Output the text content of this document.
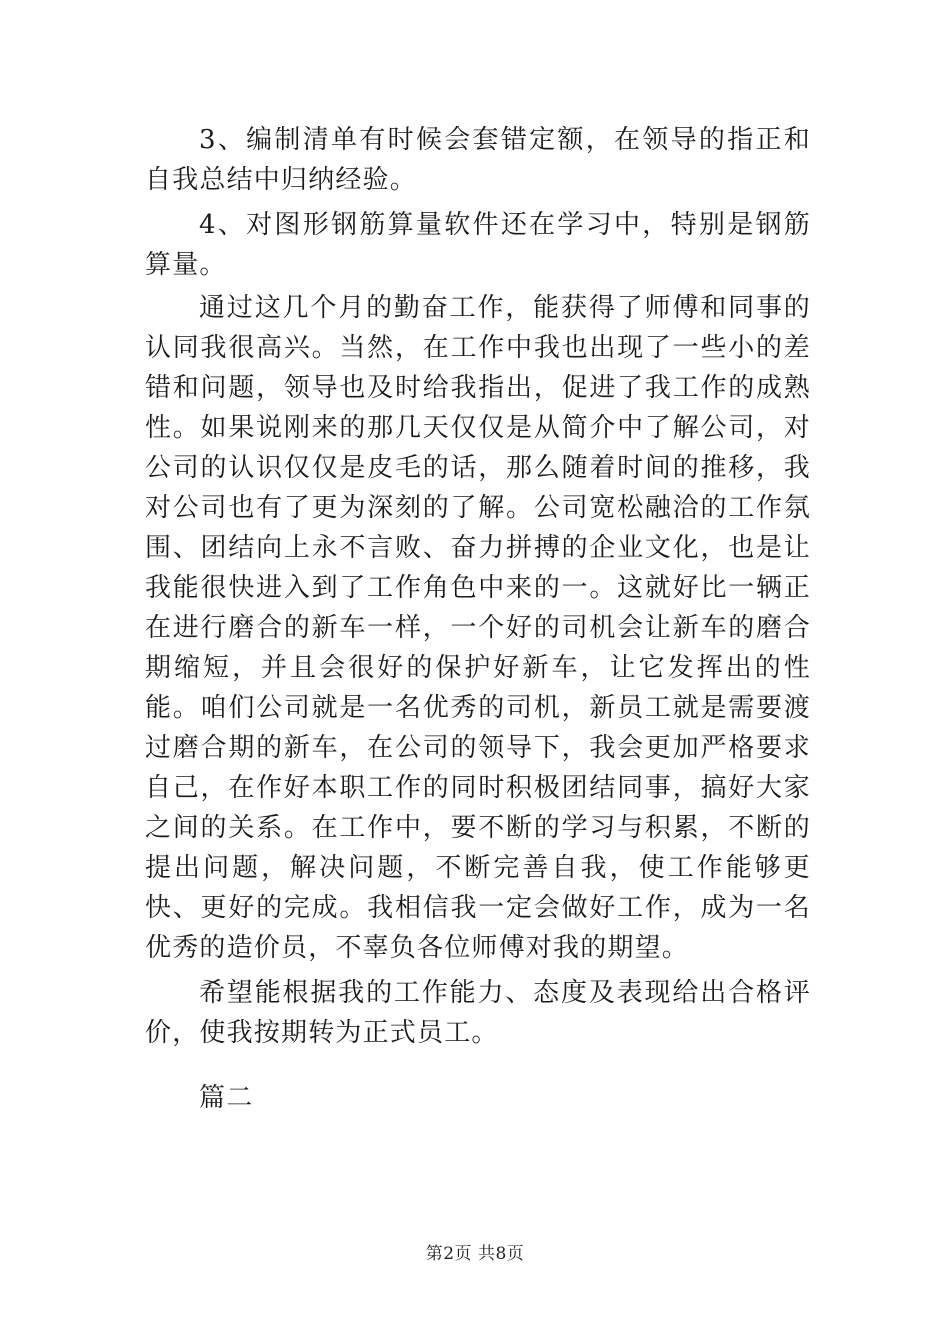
3、编制清单有时候会套错定额，在领导的指正和自我总结中归纳经验。

4、对图形钢筋算量软件还在学习中，特别是钢筋算量。

通过这几个月的勤奋工作，能获得了师傅和同事的认同我很高兴。当然，在工作中我也出现了一些小的差错和问题，领导也及时给我指出，促进了我工作的成熟性。如果说刚来的那几天仅仅是从简介中了解公司，对公司的认识仅仅是皮毛的话，那么随着时间的推移，我对公司也有了更为深刻的了解。公司宽松融洽的工作氛围、团结向上永不言败、奋力拼搏的企业文化，也是让我能很快进入到了工作角色中来的一。这就好比一辆正在进行磨合的新车一样，一个好的司机会让新车的磨合期缩短，并且会很好的保护好新车，让它发挥出的性能。咱们公司就是一名优秀的司机，新员工就是需要渡过磨合期的新车，在公司的领导下，我会更加严格要求自己，在作好本职工作的同时积极团结同事，搞好大家之间的关系。在工作中，要不断的学习与积累，不断的提出问题，解决问题，不断完善自我，使工作能够更快、更好的完成。我相信我一定会做好工作，成为一名优秀的造价员，不辜负各位师傅对我的期望。

希望能根据我的工作能力、态度及表现给出合格评价，使我按期转为正式员工。

篇二

第2页 共8页
